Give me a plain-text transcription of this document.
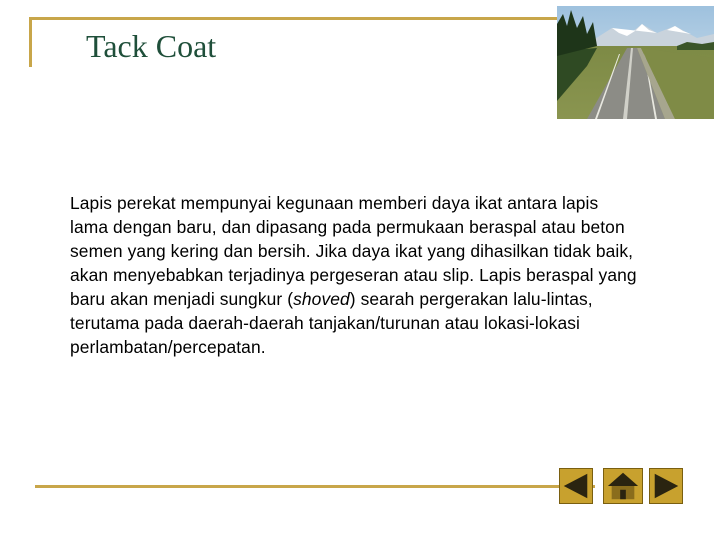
Tack Coat

Lapis perekat mempunyai kegunaan memberi daya ikat antara lapis lama dengan baru, dan dipasang pada permukaan beraspal atau beton semen yang kering dan bersih. Jika daya ikat yang dihasilkan tidak baik, akan menyebabkan terjadinya pergeseran atau slip. Lapis beraspal yang baru akan menjadi sungkur (shoved) searah pergerakan lalu-lintas, terutama pada daerah-daerah tanjakan/turunan atau lokasi-lokasi perlambatan/percepatan.
